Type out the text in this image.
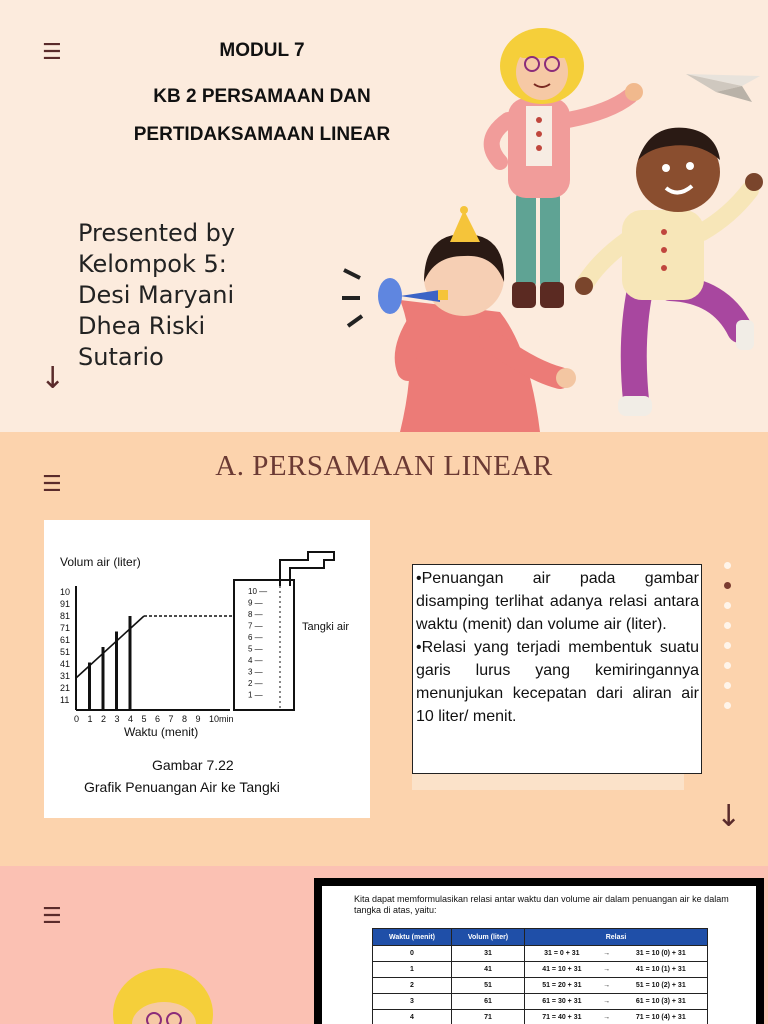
☰	MODUL 7
KB 2 PERSAMAAN DAN
PERTIDAKSAMAAN LINEAR
Presented by
Kelompok 5:
Desi Maryani
Dhea Riski
Sutario
↓
☰
A. PERSAMAAN LINEAR
Volum air (liter)
10
91
81
71
61
51
41
31
21
11
0 1 2 3 4 5 6 7 8 9 10min
Waktu (menit)
10 —
9 —
8 —
7 —
6 —
5 —
4 —
3 —
2 —
1 —
Tangki air
Gambar 7.22
Grafik Penuangan Air ke Tangki

•Penuangan air pada gambar disamping terlihat adanya relasi antara waktu (menit) dan volume air (liter).

•Relasi yang terjadi membentuk suatu garis lurus yang kemiringannya menunjukan kecepatan dari aliran air 10 liter/ menit.

↓
☰
Kita dapat memformulasikan relasi antar waktu dan volume air dalam penuangan air ke dalam tangka di atas, yaitu:
Waktu (menit)	Volum (liter)	Relasi		
0	31	31 = 0 + 31	→	31 = 10 (0) + 31
1	41	41 = 10 + 31	→	41 = 10 (1) + 31
2	51	51 = 20 + 31	→	51 = 10 (2) + 31
3	61	61 = 30 + 31	→	61 = 10 (3) + 31
4	71	71 = 40 + 31	→	71 = 10 (4) + 31
